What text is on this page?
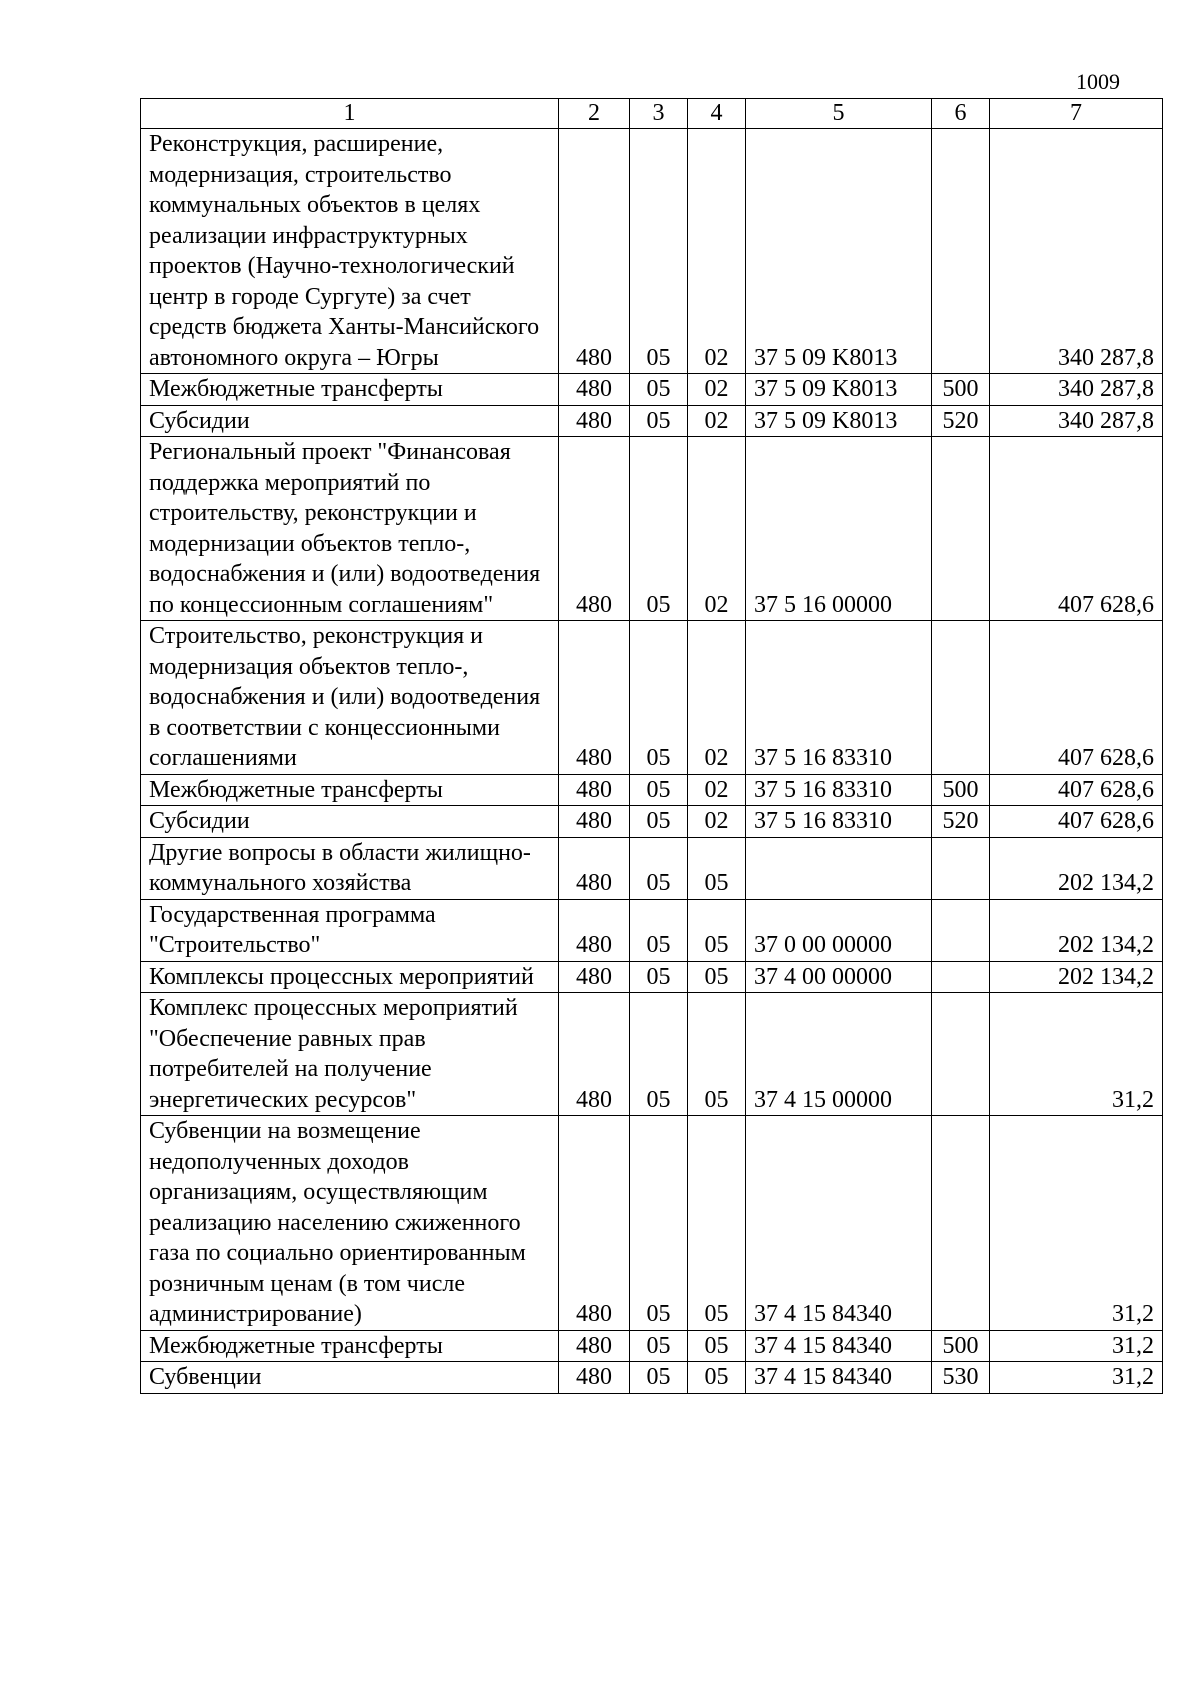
1009
1	2	3	4	5	6	7
Реконструкция, расширение, модернизация, строительство коммунальных объектов в целях реализации инфраструктурных проектов (Научно-технологический центр в городе Сургуте) за счет средств бюджета Ханты-Мансийского автономного округа – Югры	480	05	02	37 5 09 K8013		340 287,8
Межбюджетные трансферты	480	05	02	37 5 09 K8013	500	340 287,8
Субсидии	480	05	02	37 5 09 K8013	520	340 287,8
Региональный проект "Финансовая поддержка мероприятий по строительству, реконструкции и модернизации объектов тепло-, водоснабжения и (или) водоотведения по концессионным соглашениям"	480	05	02	37 5 16 00000		407 628,6
Строительство, реконструкция и модернизация объектов тепло-, водоснабжения и (или) водоотведения в соответствии с концессионными соглашениями	480	05	02	37 5 16 83310		407 628,6
Межбюджетные трансферты	480	05	02	37 5 16 83310	500	407 628,6
Субсидии	480	05	02	37 5 16 83310	520	407 628,6
Другие вопросы в области жилищно-коммунального хозяйства	480	05	05			202 134,2
Государственная программа "Строительство"	480	05	05	37 0 00 00000		202 134,2
Комплексы процессных мероприятий	480	05	05	37 4 00 00000		202 134,2
Комплекс процессных мероприятий "Обеспечение равных прав потребителей на получение энергетических ресурсов"	480	05	05	37 4 15 00000		31,2
Субвенции на возмещение недополученных доходов организациям, осуществляющим реализацию населению сжиженного газа по социально ориентированным розничным ценам (в том числе администрирование)	480	05	05	37 4 15 84340		31,2
Межбюджетные трансферты	480	05	05	37 4 15 84340	500	31,2
Субвенции	480	05	05	37 4 15 84340	530	31,2
